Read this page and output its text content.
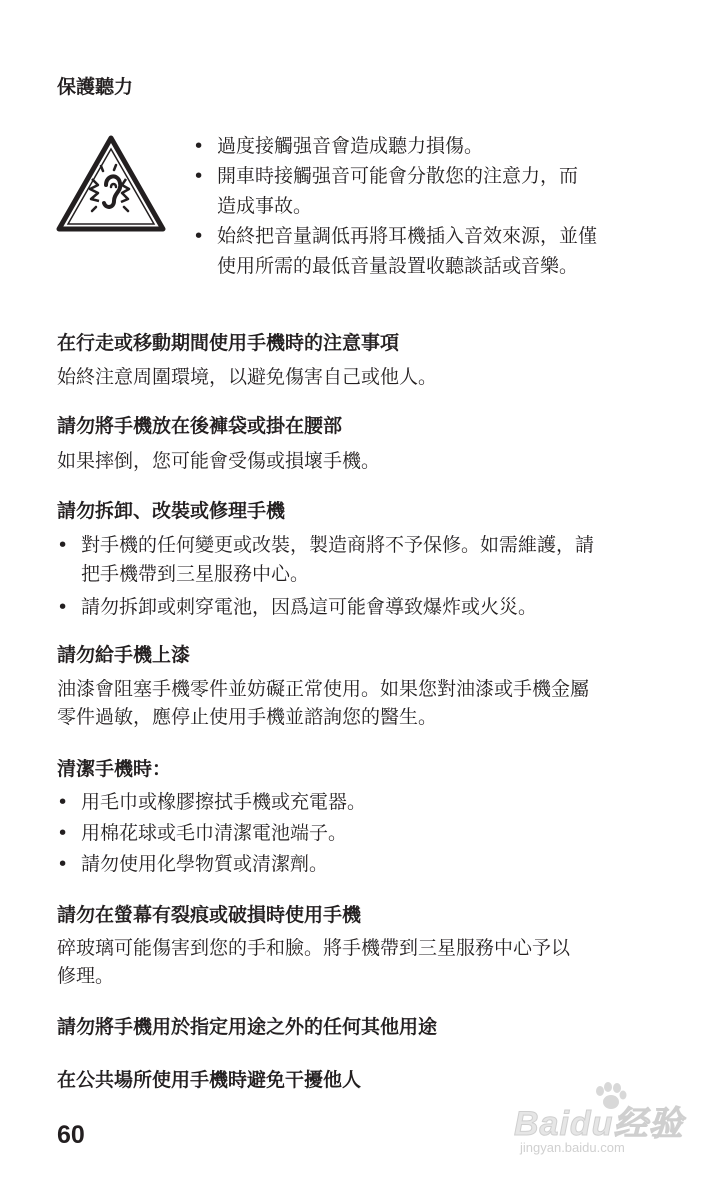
保護聽力
• 過度接觸强音會造成聽力損傷。
• 開車時接觸强音可能會分散您的注意力，而
造成事故。
• 始終把音量調低再將耳機插入音效來源，並僅
使用所需的最低音量設置收聽談話或音樂。
在行走或移動期間使用手機時的注意事項

始終注意周圍環境，以避免傷害自己或他人。

請勿將手機放在後褲袋或掛在腰部

如果摔倒，您可能會受傷或損壞手機。

請勿拆卸、改裝或修理手機
• 對手機的任何變更或改裝，製造商將不予保修。如需維護，請
把手機帶到三星服務中心。
• 請勿拆卸或刺穿電池，因爲這可能會導致爆炸或火災。
請勿給手機上漆

油漆會阻塞手機零件並妨礙正常使用。如果您對油漆或手機金屬
零件過敏，應停止使用手機並諮詢您的醫生。

清潔手機時：
• 用毛巾或橡膠擦拭手機或充電器。
• 用棉花球或毛巾清潔電池端子。
• 請勿使用化學物質或清潔劑。
請勿在螢幕有裂痕或破損時使用手機

碎玻璃可能傷害到您的手和臉。將手機帶到三星服務中心予以
修理。

請勿將手機用於指定用途之外的任何其他用途
在公共場所使用手機時避免干擾他人

60	Baidu经验
jingyan.baidu.com
